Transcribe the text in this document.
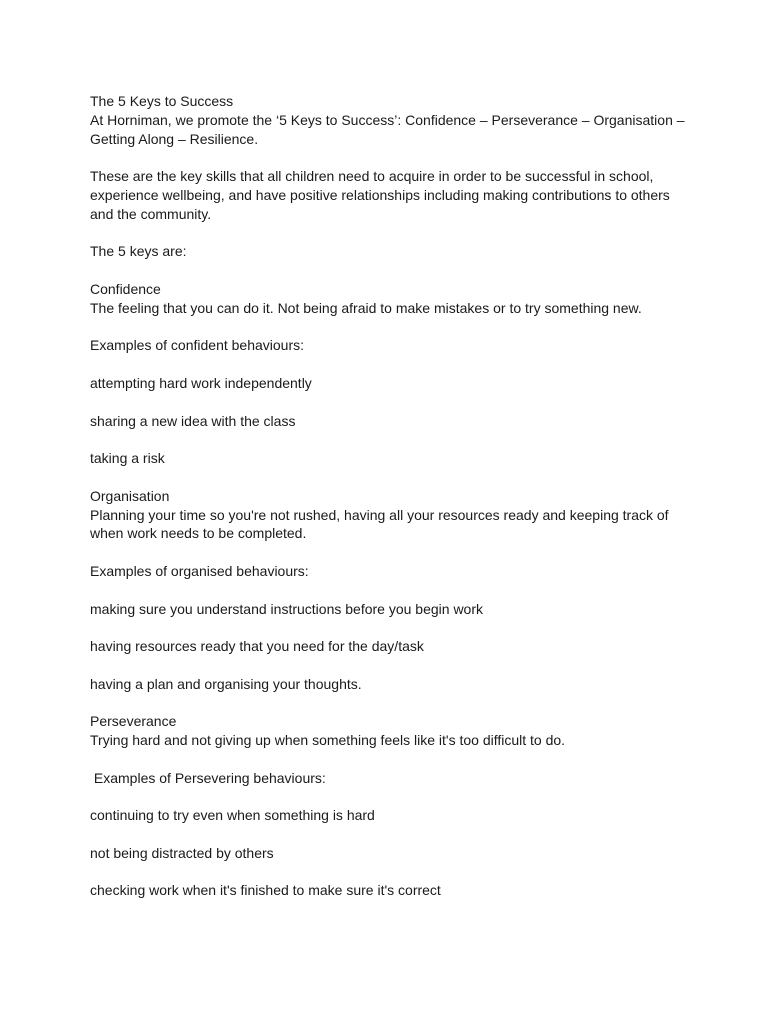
The 5 Keys to Success

At Horniman, we promote the ‘5 Keys to Success’: Confidence – Perseverance – Organisation – Getting Along – Resilience.

These are the key skills that all children need to acquire in order to be successful in school, experience wellbeing, and have positive relationships including making contributions to others and the community.

The 5 keys are:

Confidence

The feeling that you can do it. Not being afraid to make mistakes or to try something new.

Examples of confident behaviours:

attempting hard work independently

sharing a new idea with the class

taking a risk

Organisation

Planning your time so you're not rushed, having all your resources ready and keeping track of when work needs to be completed.

Examples of organised behaviours:

making sure you understand instructions before you begin work

having resources ready that you need for the day/task

having a plan and organising your thoughts.

Perseverance

Trying hard and not giving up when something feels like it's too difficult to do.

Examples of Persevering behaviours:

continuing to try even when something is hard

not being distracted by others

checking work when it's finished to make sure it's correct
